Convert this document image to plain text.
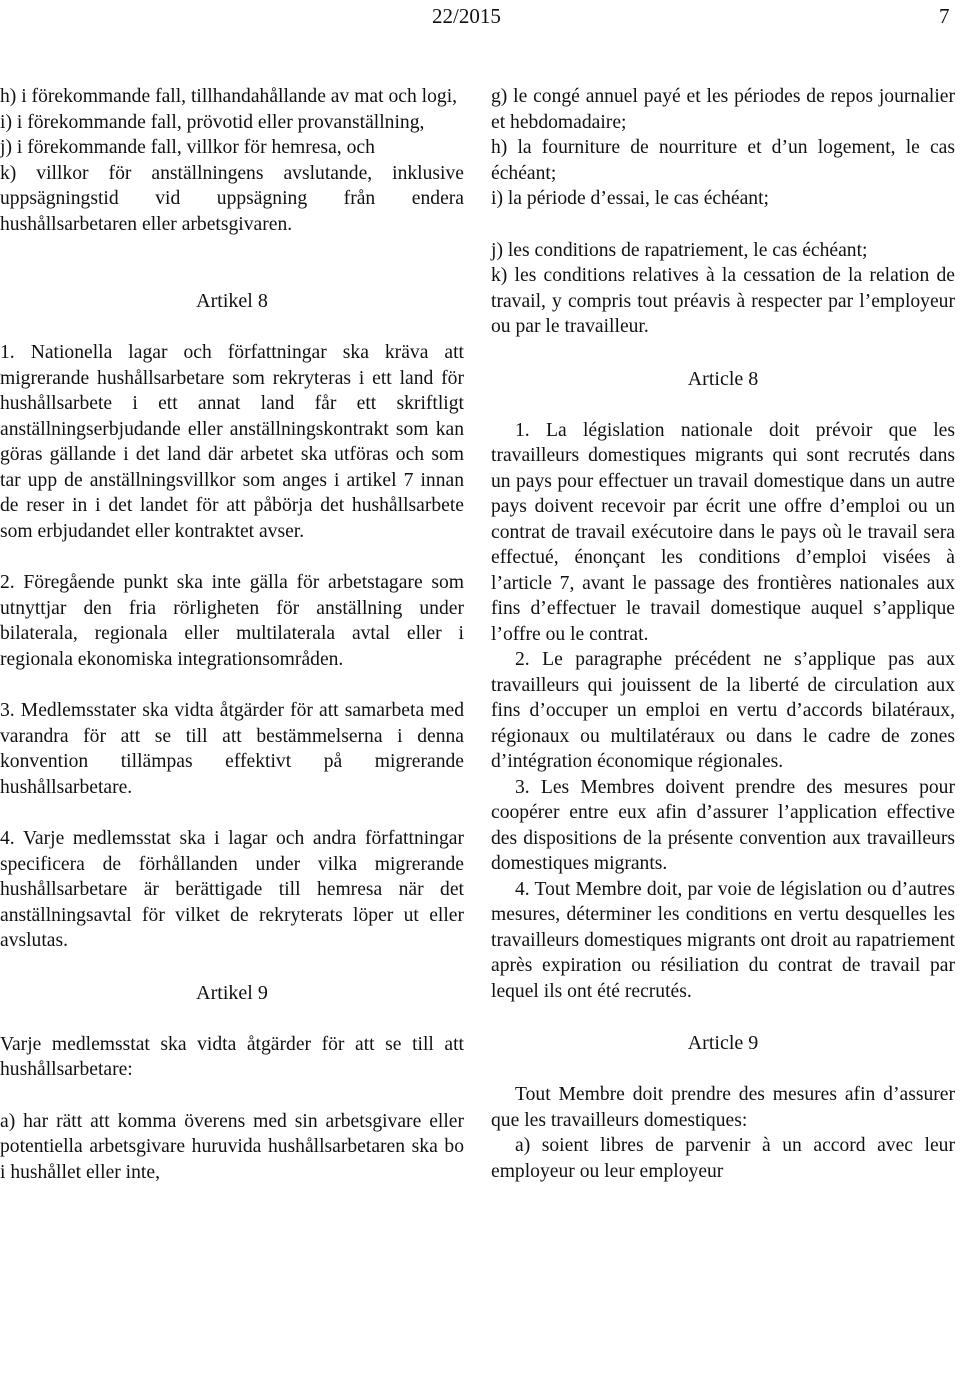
22/2015	7

h) i förekommande fall, tillhandahållande av mat och logi,

i) i förekommande fall, prövotid eller provanställning,

j) i förekommande fall, villkor för hemresa, och

k) villkor för anställningens avslutande, inklusive uppsägningstid vid uppsägning från endera hushållsarbetaren eller arbetsgivaren.

Artikel 8

1. Nationella lagar och författningar ska kräva att migrerande hushållsarbetare som rekryteras i ett land för hushållsarbete i ett annat land får ett skriftligt anställningserbjudande eller anställningskontrakt som kan göras gällande i det land där arbetet ska utföras och som tar upp de anställningsvillkor som anges i artikel 7 innan de reser in i det landet för att påbörja det hushållsarbete som erbjudandet eller kontraktet avser.

2. Föregående punkt ska inte gälla för arbetstagare som utnyttjar den fria rörligheten för anställning under bilaterala, regionala eller multilaterala avtal eller i regionala ekonomiska integrationsområden.

3. Medlemsstater ska vidta åtgärder för att samarbeta med varandra för att se till att bestämmelserna i denna konvention tillämpas effektivt på migrerande hushållsarbetare.

4. Varje medlemsstat ska i lagar och andra författningar specificera de förhållanden under vilka migrerande hushållsarbetare är berättigade till hemresa när det anställningsavtal för vilket de rekryterats löper ut eller avslutas.

Artikel 9

Varje medlemsstat ska vidta åtgärder för att se till att hushållsarbetare:

a) har rätt att komma överens med sin arbetsgivare eller potentiella arbetsgivare huruvida hushållsarbetaren ska bo i hushållet eller inte,

g) le congé annuel payé et les périodes de repos journalier et hebdomadaire;

h) la fourniture de nourriture et d’un logement, le cas échéant;

i) la période d’essai, le cas échéant;

j) les conditions de rapatriement, le cas échéant;

k) les conditions relatives à la cessation de la relation de travail, y compris tout préavis à respecter par l’employeur ou par le travailleur.

Article 8

1. La législation nationale doit prévoir que les travailleurs domestiques migrants qui sont recrutés dans un pays pour effectuer un travail domestique dans un autre pays doivent recevoir par écrit une offre d’emploi ou un contrat de travail exécutoire dans le pays où le travail sera effectué, énonçant les conditions d’emploi visées à l’article 7, avant le passage des frontières nationales aux fins d’effectuer le travail domestique auquel s’applique l’offre ou le contrat.

2. Le paragraphe précédent ne s’applique pas aux travailleurs qui jouissent de la liberté de circulation aux fins d’occuper un emploi en vertu d’accords bilatéraux, régionaux ou multilatéraux ou dans le cadre de zones d’intégration économique régionales.

3. Les Membres doivent prendre des mesures pour coopérer entre eux afin d’assurer l’application effective des dispositions de la présente convention aux travailleurs domestiques migrants.

4. Tout Membre doit, par voie de législation ou d’autres mesures, déterminer les conditions en vertu desquelles les travailleurs domestiques migrants ont droit au rapatriement après expiration ou résiliation du contrat de travail par lequel ils ont été recrutés.

Article 9

Tout Membre doit prendre des mesures afin d’assurer que les travailleurs domestiques:

a) soient libres de parvenir à un accord avec leur employeur ou leur employeur
